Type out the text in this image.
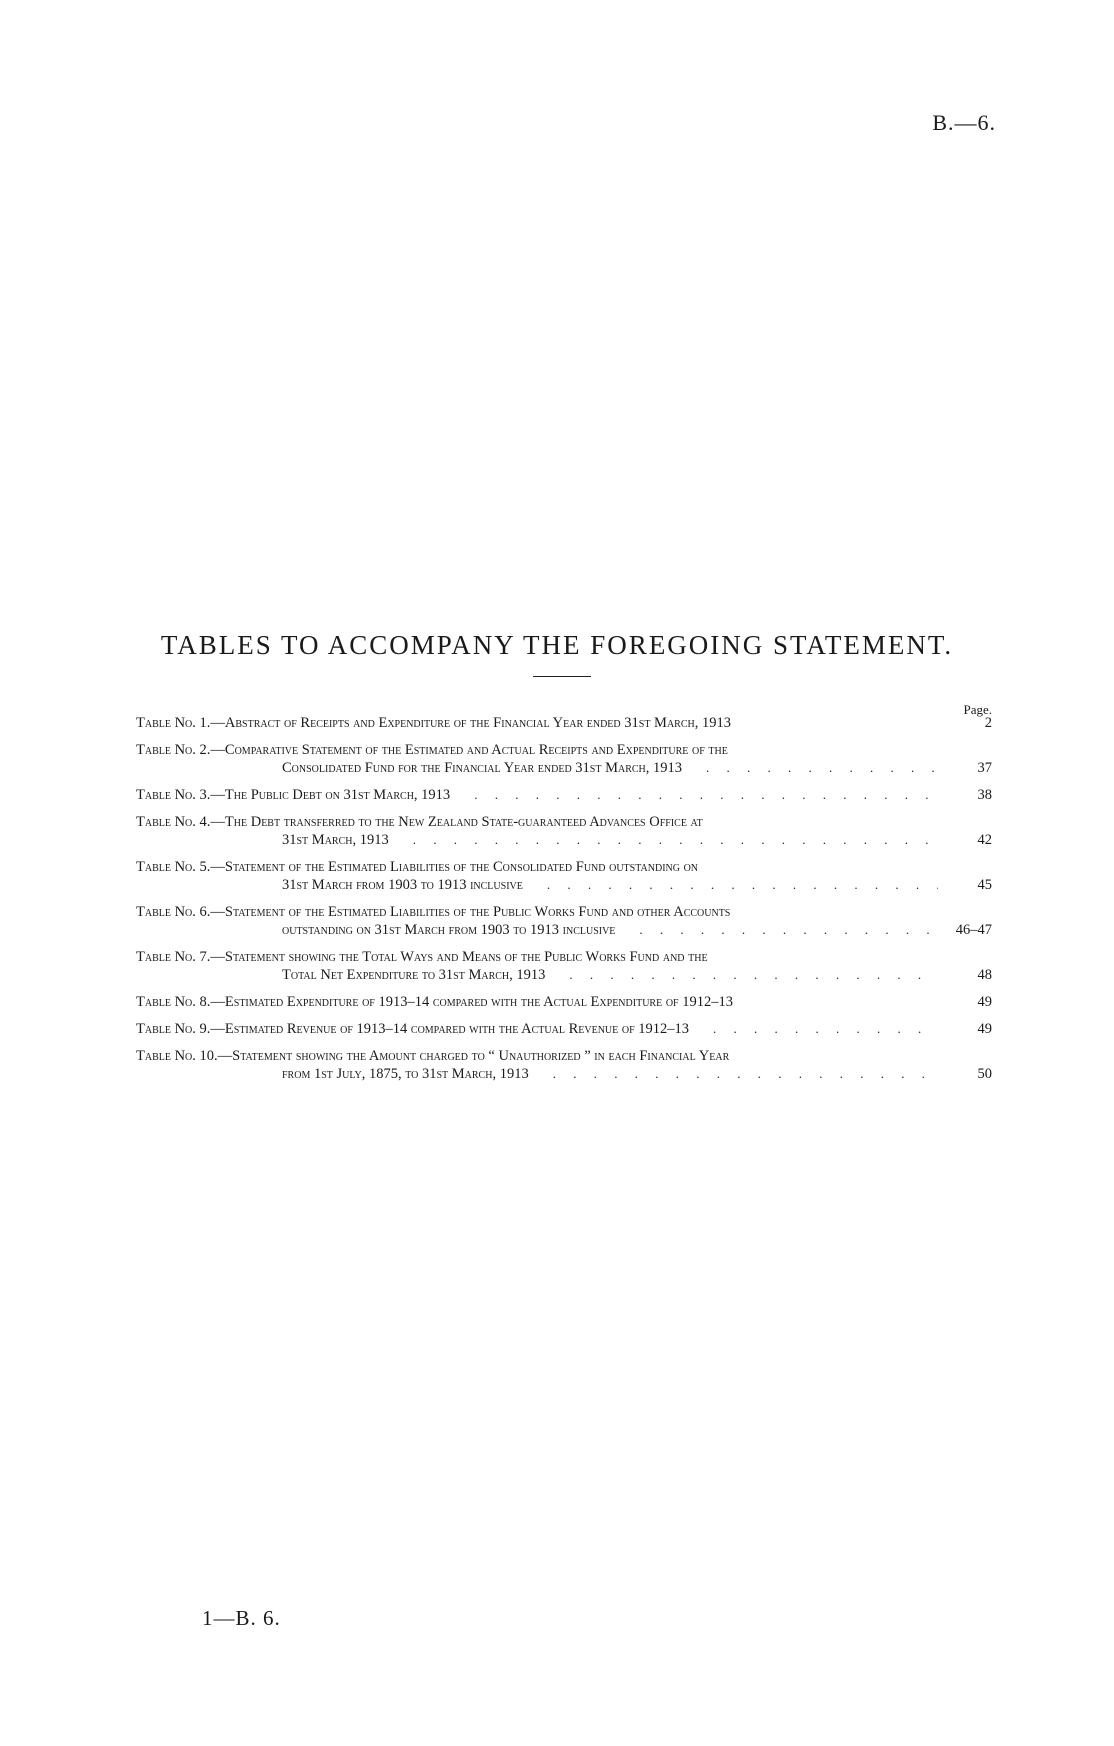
B.—6.
TABLES TO ACCOMPANY THE FOREGOING STATEMENT.
Page.
Table No. 1.—Abstract of Receipts and Expenditure of the Financial Year ended 31st March, 1913	2
Table No. 2.—Comparative Statement of the Estimated and Actual Receipts and Expenditure of the
Consolidated Fund for the Financial Year ended 31st March, 1913 . . .	37
Table No. 3.—The Public Debt on 31st March, 1913 . . .	38
Table No. 4.—The Debt transferred to the New Zealand State-guaranteed Advances Office at
31st March, 1913 . . .	42
Table No. 5.—Statement of the Estimated Liabilities of the Consolidated Fund outstanding on
31st March from 1903 to 1913 inclusive . . .	45
Table No. 6.—Statement of the Estimated Liabilities of the Public Works Fund and other Accounts
outstanding on 31st March from 1903 to 1913 inclusive . . .	46–47
Table No. 7.—Statement showing the Total Ways and Means of the Public Works Fund and the
Total Net Expenditure to 31st March, 1913 . . .	48
Table No. 8.—Estimated Expenditure of 1913–14 compared with the Actual Expenditure of 1912–13	49
Table No. 9.—Estimated Revenue of 1913–14 compared with the Actual Revenue of 1912–13 . . .	49
Table No. 10.—Statement showing the Amount charged to “ Unauthorized ” in each Financial Year
from 1st July, 1875, to 31st March, 1913 . . .	50
1—B. 6.
